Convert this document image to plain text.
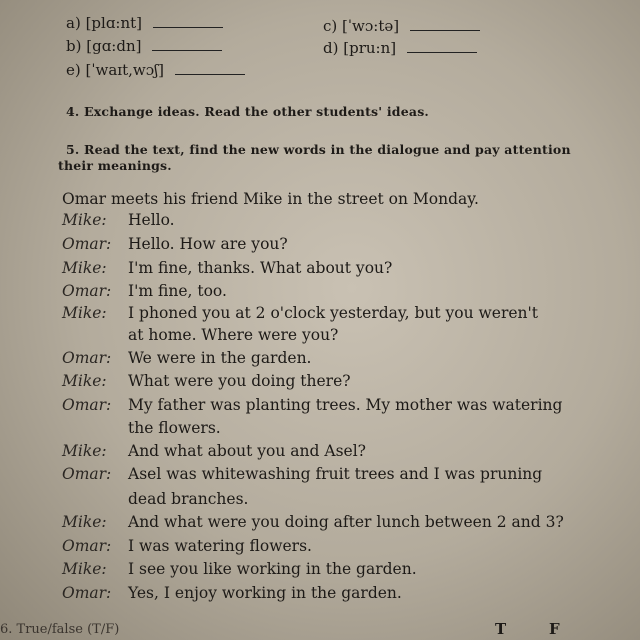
a) [plɑ:nt]
b) [gɑ:dn]
e) [ˈwaɪt,wɔʃ]
c) [ˈwɔ:tə]
d) [pru:n]
4. Exchange ideas. Read the other students' ideas.
5. Read the text, find the new words in the dialogue and pay attention
their meanings.
Omar meets his friend Mike in the street on Monday.
Mike: Hello.
Omar: Hello. How are you?
Mike: I'm fine, thanks. What about you?
Omar: I'm fine, too.
Mike: I phoned you at 2 o'clock yesterday, but you weren't
at home. Where were you?
Omar: We were in the garden.
Mike: What were you doing there?
Omar: My father was planting trees. My mother was watering
the flowers.
Mike: And what about you and Asel?
Omar: Asel was whitewashing fruit trees and I was pruning
dead branches.
Mike: And what were you doing after lunch between 2 and 3?
Omar: I was watering flowers.
Mike: I see you like working in the garden.
Omar: Yes, I enjoy working in the garden.
6. True/false (T/F)	T	F
